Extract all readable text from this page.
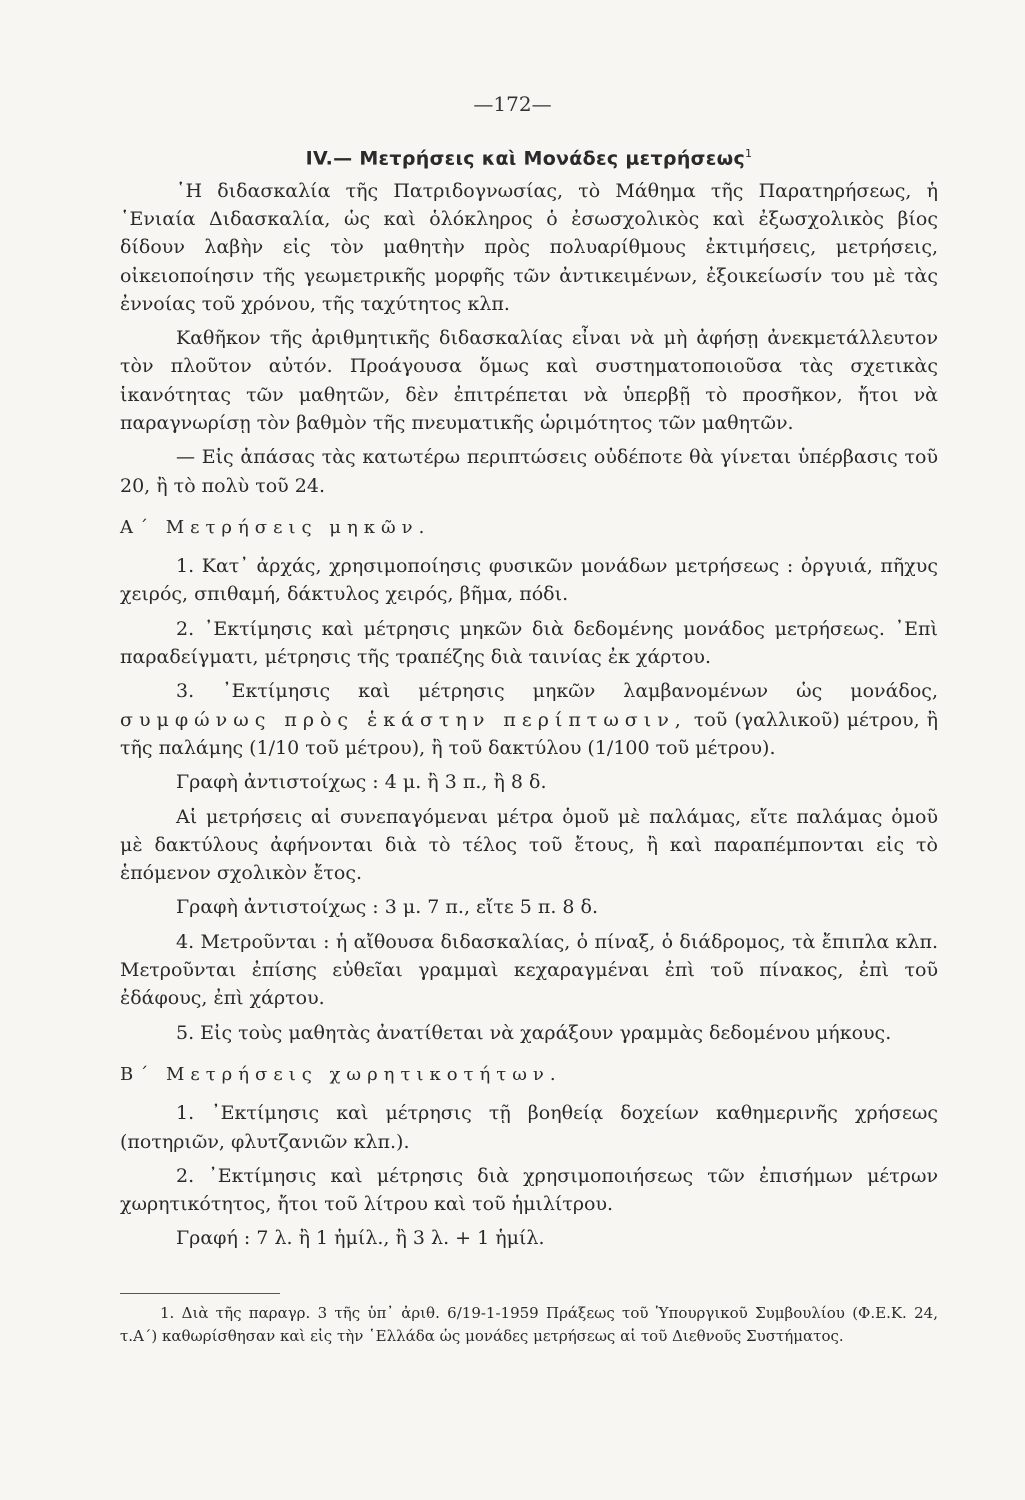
—172—
IV.— Μετρήσεις καὶ Μονάδες μετρήσεως$^1$

῾Η διδασκαλία τῆς Πατριδογνωσίας, τὸ Μάθημα τῆς Παρατηρήσεως, ἡ ῾Ενιαία Διδασκαλία, ὡς καὶ ὁλόκληρος ὁ ἐσωσχολικὸς καὶ ἐξωσχολικὸς βίος δίδουν λαβὴν εἰς τὸν μαθητὴν πρὸς πολυαρίθμους ἐκτιμήσεις, μετρήσεις, οἰκειοποίησιν τῆς γεωμετρικῆς μορφῆς τῶν ἀντικειμένων, ἐξοικείωσίν του μὲ τὰς ἐννοίας τοῦ χρόνου, τῆς ταχύτητος κλπ.

Καθῆκον τῆς ἀριθμητικῆς διδασκαλίας εἶναι νὰ μὴ ἀφήσῃ ἀνεκμετάλλευτον τὸν πλοῦτον αὐτόν. Προάγουσα ὅμως καὶ συστηματοποιοῦσα τὰς σχετικὰς ἱκανότητας τῶν μαθητῶν, δὲν ἐπιτρέπεται νὰ ὑπερβῇ τὸ προσῆκον, ἤτοι νὰ παραγνωρίσῃ τὸν βαθμὸν τῆς πνευματικῆς ὡριμότητος τῶν μαθητῶν.

— Εἰς ἁπάσας τὰς κατωτέρω περιπτώσεις οὐδέποτε θὰ γίνεται ὑπέρβασις τοῦ 20, ἢ τὸ πολὺ τοῦ 24.

Α΄ Μετρήσεις μηκῶν.

1. Κατ᾽ ἀρχάς, χρησιμοποίησις φυσικῶν μονάδων μετρήσεως : ὀργυιά, πῆχυς χειρός, σπιθαμή, δάκτυλος χειρός, βῆμα, πόδι.

2. ᾽Εκτίμησις καὶ μέτρησις μηκῶν διὰ δεδομένης μονάδος μετρήσεως. ᾽Επὶ παραδείγματι, μέτρησις τῆς τραπέζης διὰ ταινίας ἐκ χάρτου.

3. ᾽Εκτίμησις καὶ μέτρησις μηκῶν λαμβανομένων ὡς μονάδος, συμφώνως πρὸς ἑκάστην περίπτωσιν, τοῦ (γαλλικοῦ) μέτρου, ἢ τῆς παλάμης (1/10 τοῦ μέτρου), ἢ τοῦ δακτύλου (1/100 τοῦ μέτρου).

Γραφὴ ἀντιστοίχως : 4 μ. ἢ 3 π., ἢ 8 δ.

Αἱ μετρήσεις αἱ συνεπαγόμεναι μέτρα ὁμοῦ μὲ παλάμας, εἴτε παλάμας ὁμοῦ μὲ δακτύλους ἀφήνονται διὰ τὸ τέλος τοῦ ἔτους, ἢ καὶ παραπέμπονται εἰς τὸ ἑπόμενον σχολικὸν ἔτος.

Γραφὴ ἀντιστοίχως : 3 μ. 7 π., εἴτε 5 π. 8 δ.

4. Μετροῦνται : ἡ αἴθουσα διδασκαλίας, ὁ πίναξ, ὁ διάδρομος, τὰ ἔπιπλα κλπ. Μετροῦνται ἐπίσης εὐθεῖαι γραμμαὶ κεχαραγμέναι ἐπὶ τοῦ πίνακος, ἐπὶ τοῦ ἐδάφους, ἐπὶ χάρτου.

5. Εἰς τοὺς μαθητὰς ἀνατίθεται νὰ χαράξουν γραμμὰς δεδομένου μήκους.

Β΄ Μετρήσεις χωρητικοτήτων.

1. ᾽Εκτίμησις καὶ μέτρησις τῇ βοηθείᾳ δοχείων καθημερινῆς χρήσεως (ποτηριῶν, φλυτζανιῶν κλπ.).

2. ᾽Εκτίμησις καὶ μέτρησις διὰ χρησιμοποιήσεως τῶν ἐπισήμων μέτρων χωρητικότητος, ἤτοι τοῦ λίτρου καὶ τοῦ ἡμιλίτρου.

Γραφή : 7 λ. ἢ 1 ἡμίλ., ἢ 3 λ. + 1 ἡμίλ.

1. Διὰ τῆς παραγρ. 3 τῆς ὑπ᾽ ἀριθ. 6/19-1-1959 Πράξεως τοῦ Ὑπουργικοῦ Συμβουλίου (Φ.Ε.Κ. 24, τ.Α΄) καθωρίσθησαν καὶ εἰς τὴν ῾Ελλάδα ὡς μονάδες μετρήσεως αἱ τοῦ Διεθνοῦς Συστήματος.
